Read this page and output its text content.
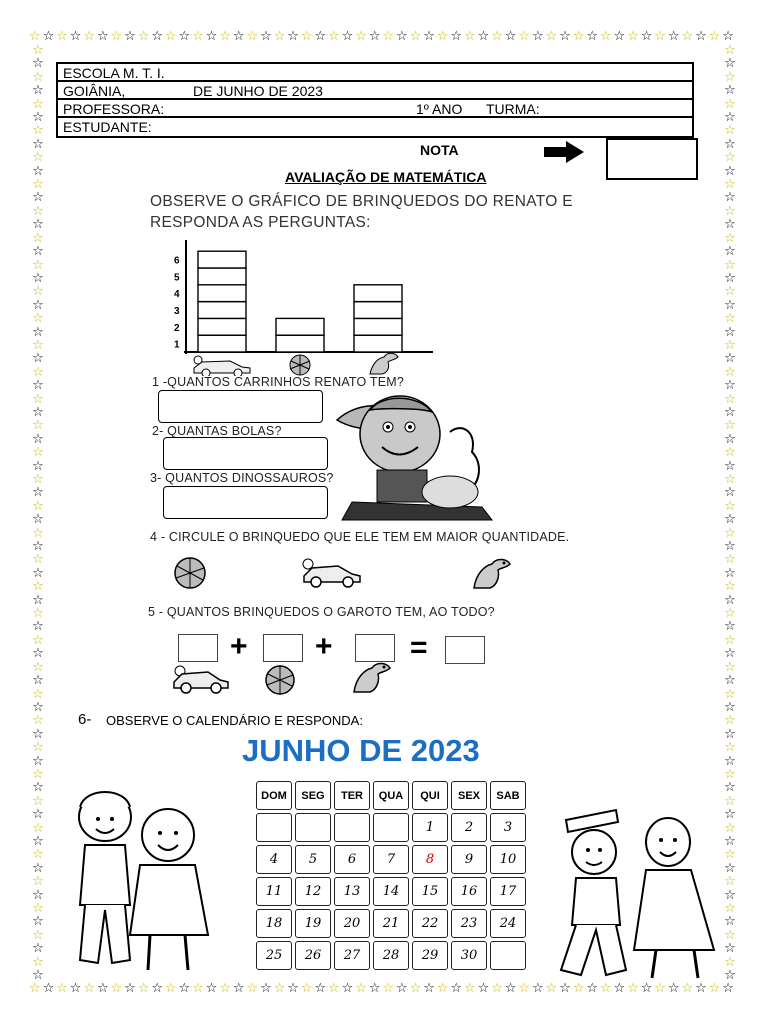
☆ ☆ ☆ ☆ ☆ ☆ ☆ ☆ ☆ ☆ ☆ ☆ ☆ ☆ ☆ ☆ ☆ ☆ ☆ ☆ ☆ ☆ ☆ ☆ ☆ ☆ ☆ ☆ ☆ ☆ ☆ ☆ ☆ ☆ ☆ ☆ ☆ ☆ ☆ ☆ ☆ ☆ ☆ ☆ ☆ ☆ ☆ ☆ ☆ ☆ ☆ ☆
☆ ☆ ☆ ☆ ☆ ☆ ☆ ☆ ☆ ☆ ☆ ☆ ☆ ☆ ☆ ☆ ☆ ☆ ☆ ☆ ☆ ☆ ☆ ☆ ☆ ☆ ☆ ☆ ☆ ☆ ☆ ☆ ☆ ☆ ☆ ☆ ☆ ☆ ☆ ☆ ☆ ☆ ☆ ☆ ☆ ☆ ☆ ☆ ☆ ☆ ☆ ☆
☆
☆
☆
☆
☆
☆
☆
☆
☆
☆
☆
☆
☆
☆
☆
☆
☆
☆
☆
☆
☆
☆
☆
☆
☆
☆
☆
☆
☆
☆
☆
☆
☆
☆
☆
☆
☆
☆
☆
☆
☆
☆
☆
☆
☆
☆
☆
☆
☆
☆
☆
☆
☆
☆
☆
☆
☆
☆
☆
☆
☆
☆
☆
☆
☆
☆
☆
☆
☆
☆
☆
☆
☆
☆
☆
☆
☆
☆
☆
☆
☆
☆
☆
☆
☆
☆
☆
☆
☆
☆
☆
☆
☆
☆
☆
☆
☆
☆
☆
☆
☆
☆
☆
☆
☆
☆
☆
☆
☆
☆
☆
☆
☆
☆
☆
☆
☆
☆
☆
☆
☆
☆
☆
☆
☆
☆
☆
☆
☆
☆
☆
☆
☆
☆
☆
☆
☆
☆
☆
☆
ESCOLA M. T. I.
GOIÂNIA,	DE JUNHO DE 2023
PROFESSORA:	1º ANO TURMA:
ESTUDANTE:
NOTA
AVALIAÇÃO DE MATEMÁTICA
OBSERVE O GRÁFICO DE BRINQUEDOS DO RENATO E
RESPONDA AS PERGUNTAS:
1
2
3
4
5
6
1 -QUANTOS CARRINHOS RENATO TEM?
2- QUANTAS BOLAS?
3- QUANTOS DINOSSAUROS?
4 - CIRCULE O BRINQUEDO QUE ELE TEM EM MAIOR QUANTIDADE.
5 - QUANTOS BRINQUEDOS O GAROTO TEM, AO TODO?
+ +	=
6- OBSERVE O CALENDÁRIO E RESPONDA:
JUNHO DE 2023
DOM	SEG	TER	QUA	QUI	SEX	SAB
				1	2	3
4	5	6	7	8	9	10
11	12	13	14	15	16	17
18	19	20	21	22	23	24
25	26	27	28	29	30	
